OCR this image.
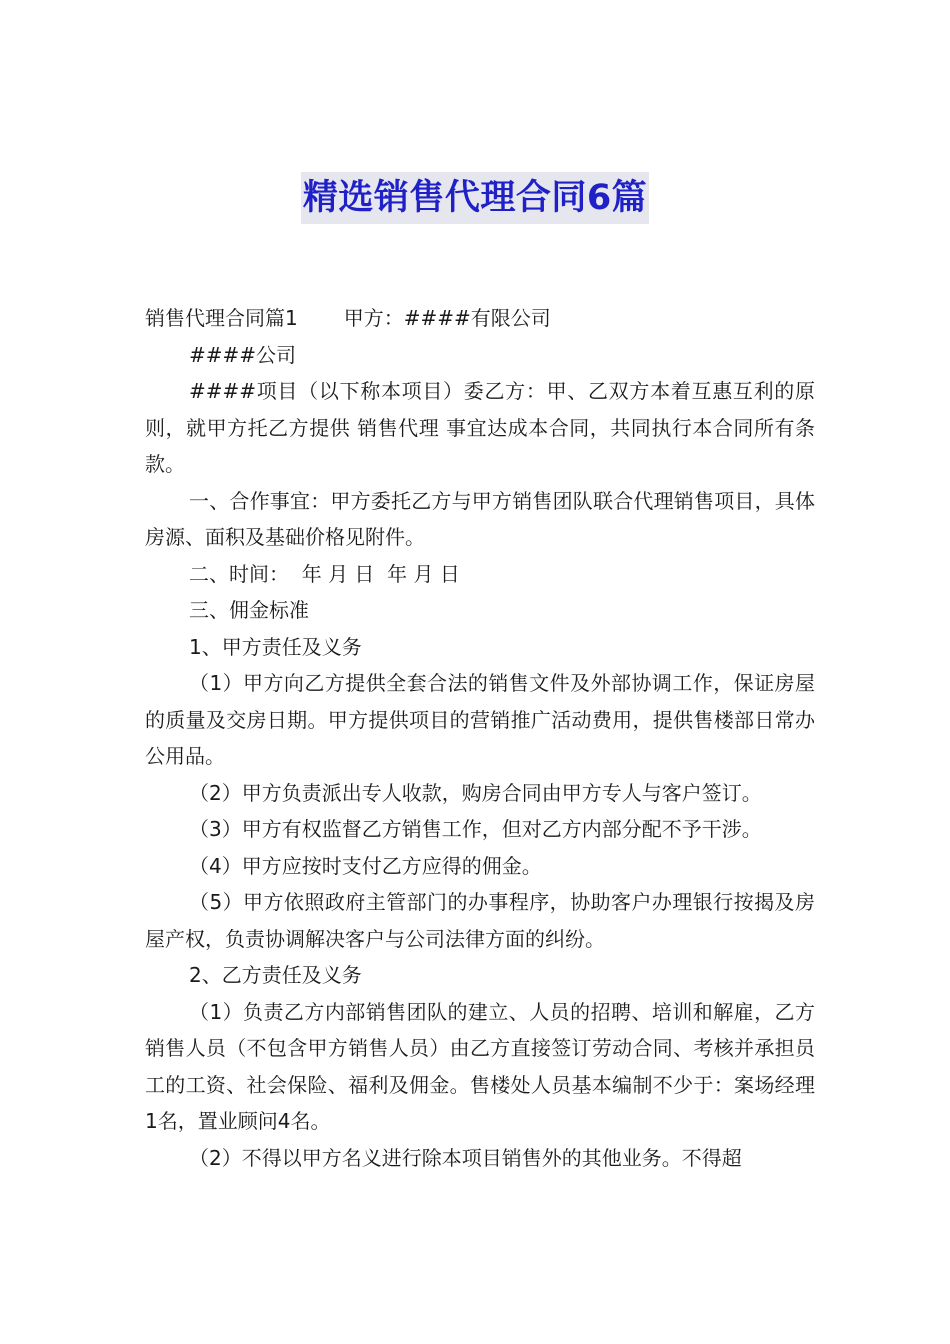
精选销售代理合同6篇

销售代理合同篇1 甲方：####有限公司

####公司

####项目（以下称本项目）委乙方：甲、乙双方本着互惠互利的原则，就甲方托乙方提供 销售代理 事宜达成本合同，共同执行本合同所有条款。

一、合作事宜：甲方委托乙方与甲方销售团队联合代理销售项目，具体房源、面积及基础价格见附件。

二、时间：  年 月 日  年 月 日

三、佣金标准

1、甲方责任及义务

（1）甲方向乙方提供全套合法的销售文件及外部协调工作，保证房屋的质量及交房日期。甲方提供项目的营销推广活动费用，提供售楼部日常办公用品。

（2）甲方负责派出专人收款，购房合同由甲方专人与客户签订。

（3）甲方有权监督乙方销售工作，但对乙方内部分配不予干涉。

（4）甲方应按时支付乙方应得的佣金。

（5）甲方依照政府主管部门的办事程序，协助客户办理银行按揭及房屋产权，负责协调解决客户与公司法律方面的纠纷。

2、乙方责任及义务

（1）负责乙方内部销售团队的建立、人员的招聘、培训和解雇，乙方销售人员（不包含甲方销售人员）由乙方直接签订劳动合同、考核并承担员工的工资、社会保险、福利及佣金。售楼处人员基本编制不少于：案场经理1名，置业顾问4名。

（2）不得以甲方名义进行除本项目销售外的其他业务。不得超
